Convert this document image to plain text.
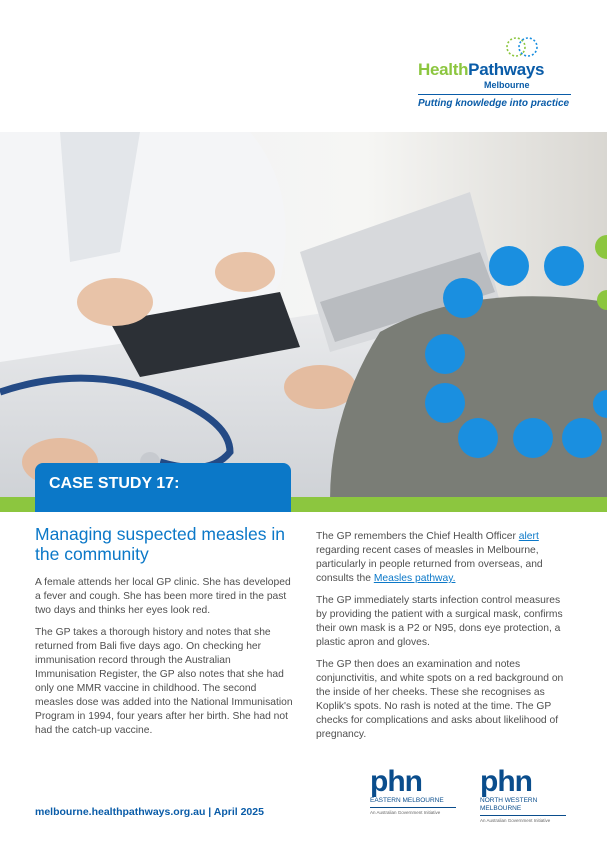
HealthPathways
Melbourne
Putting knowledge into practice
CASE STUDY 17:
Managing suspected measles in the community

A female attends her local GP clinic. She has developed a fever and cough. She has been more tired in the past two days and thinks her eyes look red.

The GP takes a thorough history and notes that she returned from Bali five days ago. On checking her immunisation record through the Australian Immunisation Register, the GP also notes that she had only one MMR vaccine in childhood. The second measles dose was added into the National Immunisation Program in 1994, four years after her birth. She had not had the catch-up vaccine.

The GP remembers the Chief Health Officer alert regarding recent cases of measles in Melbourne, particularly in people returned from overseas, and consults the Measles pathway.

The GP immediately starts infection control measures by providing the patient with a surgical mask, confirms their own mask is a P2 or N95, dons eye protection, a plastic apron and gloves.

The GP then does an examination and notes conjunctivitis, and white spots on a red background on the inside of her cheeks. These she recognises as Koplik's spots. No rash is noted at the time. The GP checks for complications and asks about likelihood of pregnancy.

phn
EASTERN MELBOURNE
An Australian Government Initiative
phn
NORTH WESTERN
MELBOURNE
An Australian Government Initiative
melbourne.healthpathways.org.au | April 2025
